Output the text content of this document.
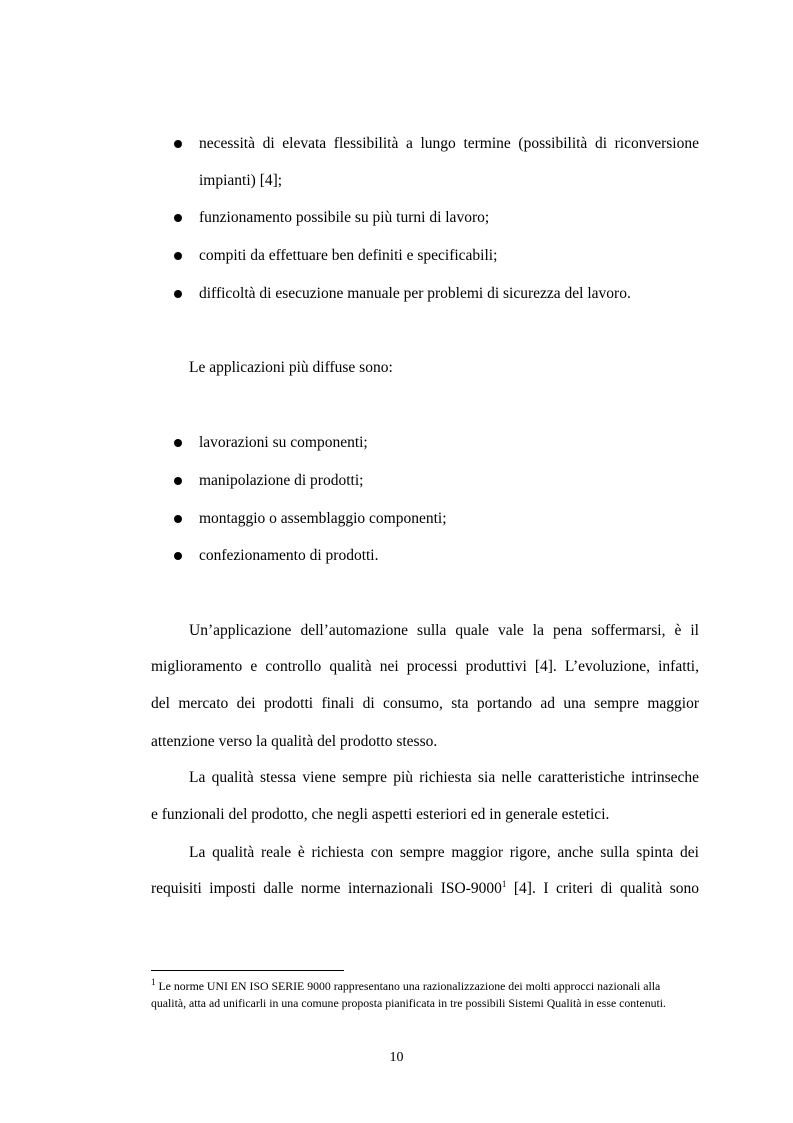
necessità di elevata flessibilità a lungo termine (possibilità di riconversione
impianti) [4];
funzionamento possibile su più turni di lavoro;
compiti da effettuare ben definiti e specificabili;
difficoltà di esecuzione manuale per problemi di sicurezza del lavoro.
Le applicazioni più diffuse sono:
lavorazioni su componenti;
manipolazione di prodotti;
montaggio o assemblaggio componenti;
confezionamento di prodotti.
Un’applicazione dell’automazione sulla quale vale la pena soffermarsi, è il
miglioramento e controllo qualità nei processi produttivi [4]. L’evoluzione, infatti,
del mercato dei prodotti finali di consumo, sta portando ad una sempre maggior
attenzione verso la qualità del prodotto stesso.
La qualità stessa viene sempre più richiesta sia nelle caratteristiche intrinseche
e funzionali del prodotto, che negli aspetti esteriori ed in generale estetici.
La qualità reale è richiesta con sempre maggior rigore, anche sulla spinta dei
requisiti imposti dalle norme internazionali ISO-9000$^1$ [4]. I criteri di qualità sono
$^1$ Le norme UNI EN ISO SERIE 9000 rappresentano una razionalizzazione dei molti approcci nazionali alla
qualità, atta ad unificarli in una comune proposta pianificata in tre possibili Sistemi Qualità in esse contenuti.
10
